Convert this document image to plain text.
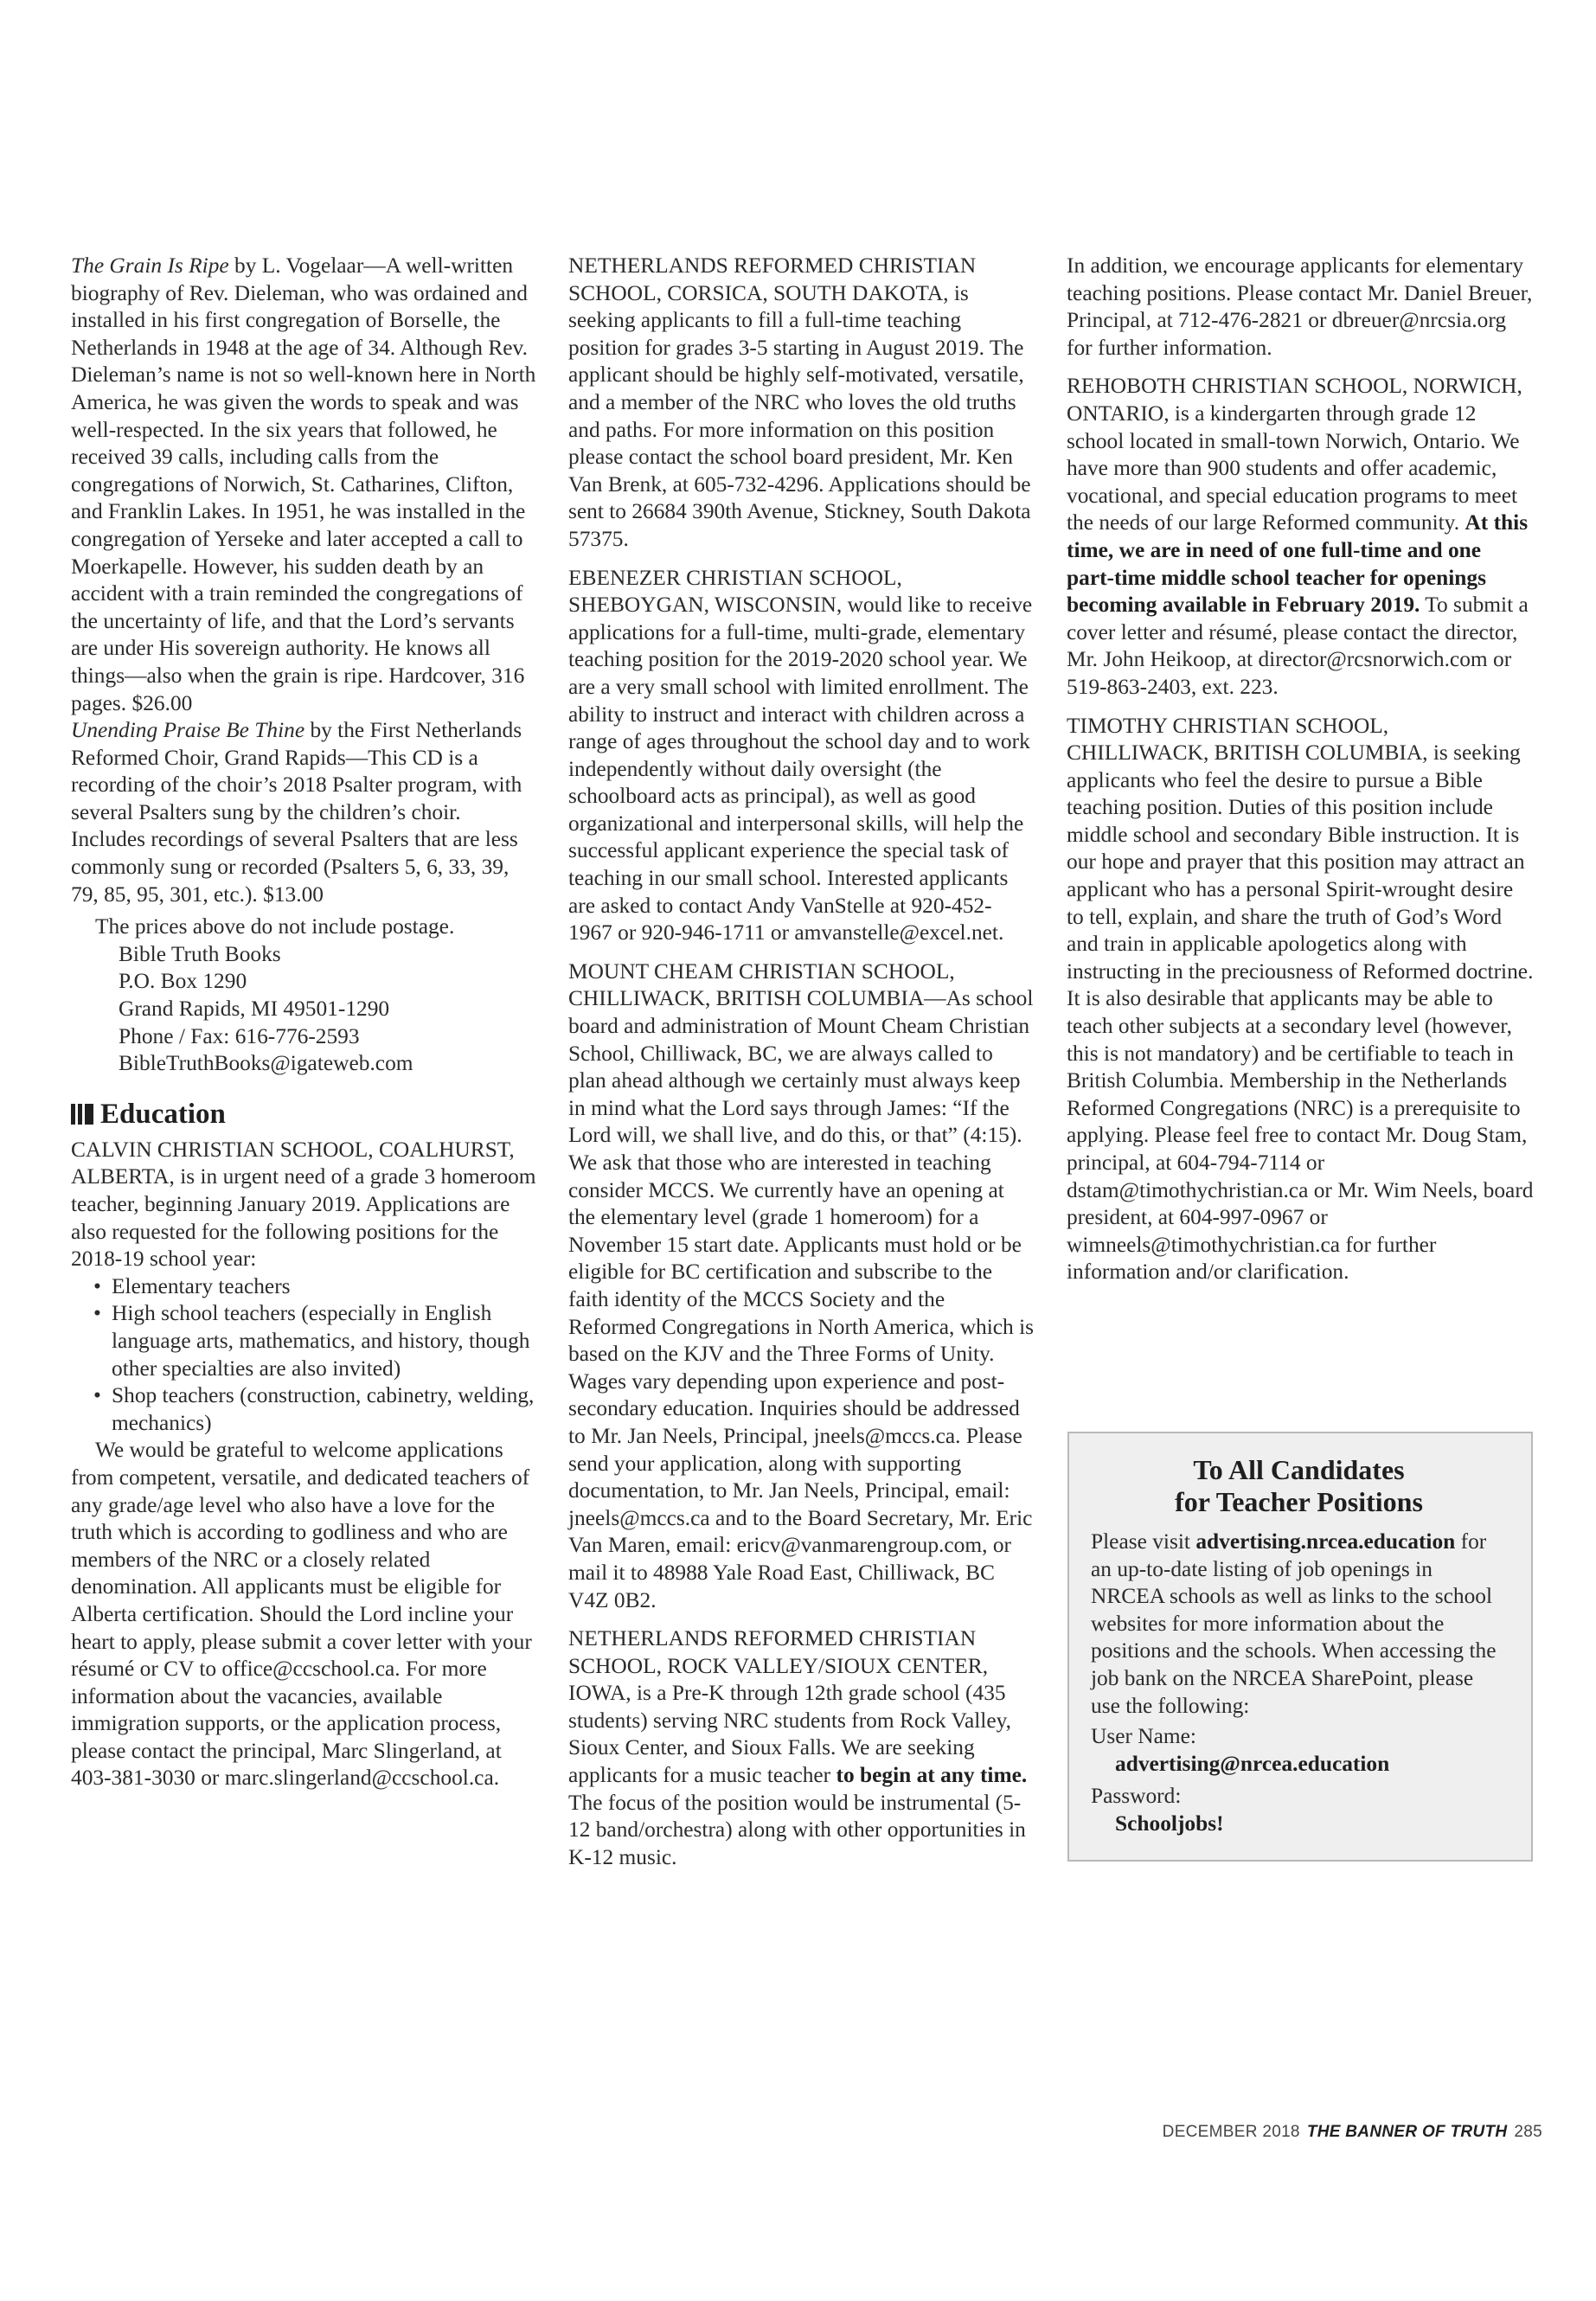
The Grain Is Ripe by L. Vogelaar—A well-written biography of Rev. Dieleman, who was ordained and installed in his first congregation of Borselle, the Netherlands in 1948 at the age of 34. Although Rev. Dieleman’s name is not so well-known here in North America, he was given the words to speak and was well-respected. In the six years that followed, he received 39 calls, including calls from the congregations of Norwich, St. Catharines, Clifton, and Franklin Lakes. In 1951, he was installed in the congregation of Yerseke and later accepted a call to Moerkapelle. However, his sudden death by an accident with a train reminded the congregations of the uncertainty of life, and that the Lord’s servants are under His sovereign authority. He knows all things—also when the grain is ripe. Hardcover, 316 pages. $26.00

Unending Praise Be Thine by the First Netherlands Reformed Choir, Grand Rapids—This CD is a recording of the choir’s 2018 Psalter program, with several Psalters sung by the children’s choir. Includes recordings of several Psalters that are less commonly sung or recorded (Psalters 5, 6, 33, 39, 79, 85, 95, 301, etc.). $13.00

The prices above do not include postage.

Bible Truth Books
P.O. Box 1290
Grand Rapids, MI 49501-1290
Phone / Fax: 616-776-2593
BibleTruthBooks@igateweb.com
Education

CALVIN CHRISTIAN SCHOOL, COALHURST, ALBERTA, is in urgent need of a grade 3 homeroom teacher, beginning January 2019. Applications are also requested for the following positions for the 2018-19 school year:

• Elementary teachers
• High school teachers (especially in English language arts, mathematics, and history, though other specialties are also invited)
• Shop teachers (construction, cabinetry, welding, mechanics)

We would be grateful to welcome applications from competent, versatile, and dedicated teachers of any grade/age level who also have a love for the truth which is according to godliness and who are members of the NRC or a closely related denomination. All applicants must be eligible for Alberta certification. Should the Lord incline your heart to apply, please submit a cover letter with your résumé or CV to office@ccschool.ca. For more information about the vacancies, available immigration supports, or the application process, please contact the principal, Marc Slingerland, at 403-381-3030 or marc.slingerland@ccschool.ca.

NETHERLANDS REFORMED CHRISTIAN SCHOOL, CORSICA, SOUTH DAKOTA, is seeking applicants to fill a full-time teaching position for grades 3-5 starting in August 2019. The applicant should be highly self-motivated, versatile, and a member of the NRC who loves the old truths and paths. For more information on this position please contact the school board president, Mr. Ken Van Brenk, at 605-732-4296. Applications should be sent to 26684 390th Avenue, Stickney, South Dakota 57375.

EBENEZER CHRISTIAN SCHOOL, SHEBOYGAN, WISCONSIN, would like to receive applications for a full-time, multi-grade, elementary teaching position for the 2019-2020 school year. We are a very small school with limited enrollment. The ability to instruct and interact with children across a range of ages throughout the school day and to work independently without daily oversight (the schoolboard acts as principal), as well as good organizational and interpersonal skills, will help the successful applicant experience the special task of teaching in our small school. Interested applicants are asked to contact Andy VanStelle at 920-452-1967 or 920-946-1711 or amvanstelle@excel.net.

MOUNT CHEAM CHRISTIAN SCHOOL, CHILLIWACK, BRITISH COLUMBIA—As school board and administration of Mount Cheam Christian School, Chilliwack, BC, we are always called to plan ahead although we certainly must always keep in mind what the Lord says through James: “If the Lord will, we shall live, and do this, or that” (4:15). We ask that those who are interested in teaching consider MCCS. We currently have an opening at the elementary level (grade 1 homeroom) for a November 15 start date. Applicants must hold or be eligible for BC certification and subscribe to the faith identity of the MCCS Society and the Reformed Congregations in North America, which is based on the KJV and the Three Forms of Unity. Wages vary depending upon experience and post-secondary education. Inquiries should be addressed to Mr. Jan Neels, Principal, jneels@mccs.ca. Please send your application, along with supporting documentation, to Mr. Jan Neels, Principal, email: jneels@mccs.ca and to the Board Secretary, Mr. Eric Van Maren, email: ericv@vanmarengroup.com, or mail it to 48988 Yale Road East, Chilliwack, BC V4Z 0B2.

NETHERLANDS REFORMED CHRISTIAN SCHOOL, ROCK VALLEY/SIOUX CENTER, IOWA, is a Pre-K through 12th grade school (435 students) serving NRC students from Rock Valley, Sioux Center, and Sioux Falls. We are seeking applicants for a music teacher to begin at any time. The focus of the position would be instrumental (5-12 band/orchestra) along with other opportunities in K-12 music.

In addition, we encourage applicants for elementary teaching positions. Please contact Mr. Daniel Breuer, Principal, at 712-476-2821 or dbreuer@nrcsia.org for further information.

REHOBOTH CHRISTIAN SCHOOL, NORWICH, ONTARIO, is a kindergarten through grade 12 school located in small-town Norwich, Ontario. We have more than 900 students and offer academic, vocational, and special education programs to meet the needs of our large Reformed community. At this time, we are in need of one full-time and one part-time middle school teacher for openings becoming available in February 2019. To submit a cover letter and résumé, please contact the director, Mr. John Heikoop, at director@rcsnorwich.com or 519-863-2403, ext. 223.

TIMOTHY CHRISTIAN SCHOOL, CHILLIWACK, BRITISH COLUMBIA, is seeking applicants who feel the desire to pursue a Bible teaching position. Duties of this position include middle school and secondary Bible instruction. It is our hope and prayer that this position may attract an applicant who has a personal Spirit-wrought desire to tell, explain, and share the truth of God’s Word and train in applicable apologetics along with instructing in the preciousness of Reformed doctrine. It is also desirable that applicants may be able to teach other subjects at a secondary level (however, this is not mandatory) and be certifiable to teach in British Columbia. Membership in the Netherlands Reformed Congregations (NRC) is a prerequisite to applying. Please feel free to contact Mr. Doug Stam, principal, at 604-794-7114 or dstam@timothychristian.ca or Mr. Wim Neels, board president, at 604-997-0967 or wimneels@timothychristian.ca for further information and/or clarification.

To All Candidates
for Teacher Positions

Please visit advertising.nrcea.education for an up-to-date listing of job openings in NRCEA schools as well as links to the school websites for more information about the positions and the schools. When accessing the job bank on the NRCEA SharePoint, please use the following:

User Name:

advertising@nrcea.education

Password:

Schooljobs!

DECEMBER 2018 THE BANNER OF TRUTH 285
